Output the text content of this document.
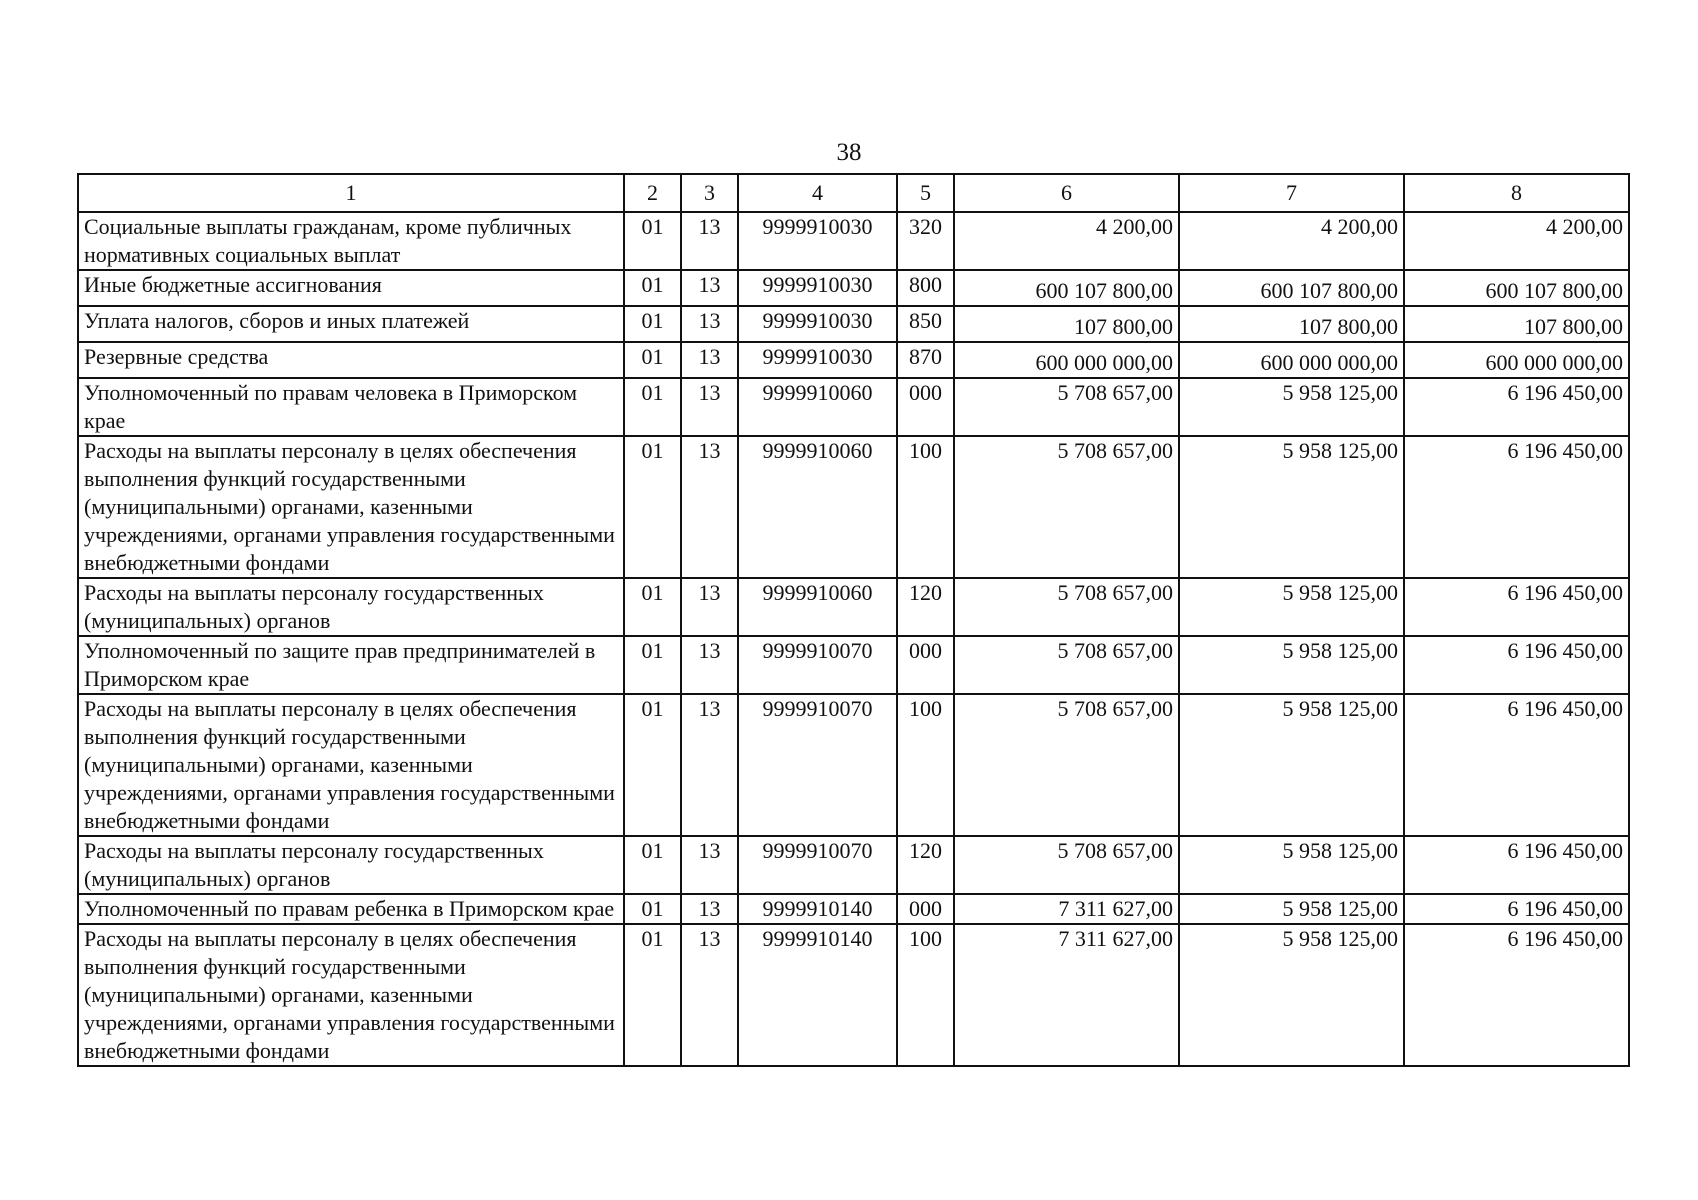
38
1	2	3	4	5	6	7	8
Социальные выплаты гражданам, кроме публичных нормативных социальных выплат	01	13	9999910030	320	4 200,00	4 200,00	4 200,00
Иные бюджетные ассигнования	01	13	9999910030	800	600 107 800,00	600 107 800,00	600 107 800,00
Уплата налогов, сборов и иных платежей	01	13	9999910030	850	107 800,00	107 800,00	107 800,00
Резервные средства	01	13	9999910030	870	600 000 000,00	600 000 000,00	600 000 000,00
Уполномоченный по правам человека в Приморском крае	01	13	9999910060	000	5 708 657,00	5 958 125,00	6 196 450,00
Расходы на выплаты персоналу в целях обеспечения выполнения функций государственными (муниципальными) органами, казенными учреждениями, органами управления государственными внебюджетными фондами	01	13	9999910060	100	5 708 657,00	5 958 125,00	6 196 450,00
Расходы на выплаты персоналу государственных (муниципальных) органов	01	13	9999910060	120	5 708 657,00	5 958 125,00	6 196 450,00
Уполномоченный по защите прав предпринимателей в Приморском крае	01	13	9999910070	000	5 708 657,00	5 958 125,00	6 196 450,00
Расходы на выплаты персоналу в целях обеспечения выполнения функций государственными (муниципальными) органами, казенными учреждениями, органами управления государственными внебюджетными фондами	01	13	9999910070	100	5 708 657,00	5 958 125,00	6 196 450,00
Расходы на выплаты персоналу государственных (муниципальных) органов	01	13	9999910070	120	5 708 657,00	5 958 125,00	6 196 450,00
Уполномоченный по правам ребенка в Приморском крае	01	13	9999910140	000	7 311 627,00	5 958 125,00	6 196 450,00
Расходы на выплаты персоналу в целях обеспечения выполнения функций государственными (муниципальными) органами, казенными учреждениями, органами управления государственными внебюджетными фондами	01	13	9999910140	100	7 311 627,00	5 958 125,00	6 196 450,00
